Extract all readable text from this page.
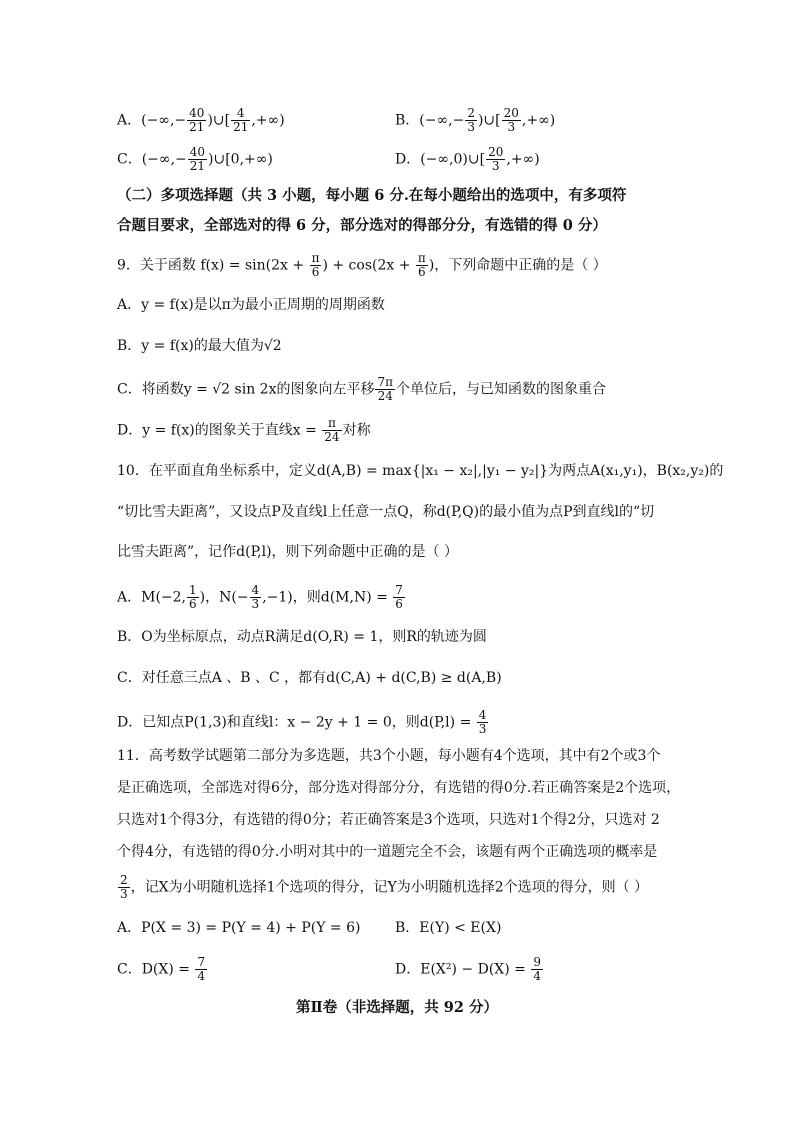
A．(−∞,− $\frac{40}{21}$ )∪[ $\frac{4}{21}$ ,+∞)	B．(−∞,− $\frac{2}{3}$ )∪[ $\frac{20}{3}$ ,+∞)
C．(−∞,− $\frac{40}{21}$ )∪[0,+∞)	D．(−∞,0)∪[ $\frac{20}{3}$ ,+∞)
（二）多项选择题（共 3 小题，每小题 6 分.在每小题给出的选项中，有多项符
合题目要求，全部选对的得 6 分，部分选对的得部分分，有选错的得 0 分）
9．关于函数 $f(x) = \sin(2x + \frac{\pi}{6}$ ) + $\cos(2x + \frac{\pi}{6}$ )，下列命题中正确的是（ ）
A．y = f(x)是以π为最小正周期的周期函数
B．y = f(x)的最大值为√2
C．将函数y = √2 sin 2x的图象向左平移 $\frac{7\pi}{24}$ 个单位后，与已知函数的图象重合
D．y = f(x)的图象关于直线$x = \frac{\pi}{24}$ 对称
10．在平面直角坐标系中，定义d(A,B) = max{|x₁ − x₂|,|y₁ − y₂|}为两点A(x₁,y₁)，B(x₂,y₂)的
“切比雪夫距离”，又设点P及直线l上任意一点Q，称d(P,Q)的最小值为点P到直线l的“切
比雪夫距离”，记作d(P,l)，则下列命题中正确的是（ ）
A．M(−2, $\frac{1}{6}$ )，$N(- \frac{4}{3} ,-1)$，则$d(M,N) = \frac{7}{6}$
B．O为坐标原点，动点R满足d(O,R) = 1，则R的轨迹为圆
C．对任意三点A 、B 、C ，都有d(C,A) + d(C,B) ≥ d(A,B)
D．已知点P(1,3)和直线l：x − 2y + 1 = 0，则$d(P,l) = \frac{4}{3}$
11．高考数学试题第二部分为多选题，共3个小题，每小题有4个选项，其中有2个或3个
是正确选项，全部选对得6分，部分选对得部分分，有选错的得0分.若正确答案是2个选项，
只选对1个得3分，有选错的得0分；若正确答案是3个选项，只选对1个得2分，只选对 2
个得4分，有选错的得0分.小明对其中的一道题完全不会，该题有两个正确选项的概率是
$\frac{2}{3}$ ，记X为小明随机选择1个选项的得分，记Y为小明随机选择2个选项的得分，则（ ）
A．P(X = 3) = P(Y = 4) + P(Y = 6) B．E(Y) < E(X)
C．$D(X) = \frac{7}{4}$	D．$E(X^2) - D(X) = \frac{9}{4}$
第Ⅱ卷（非选择题，共 92 分）
